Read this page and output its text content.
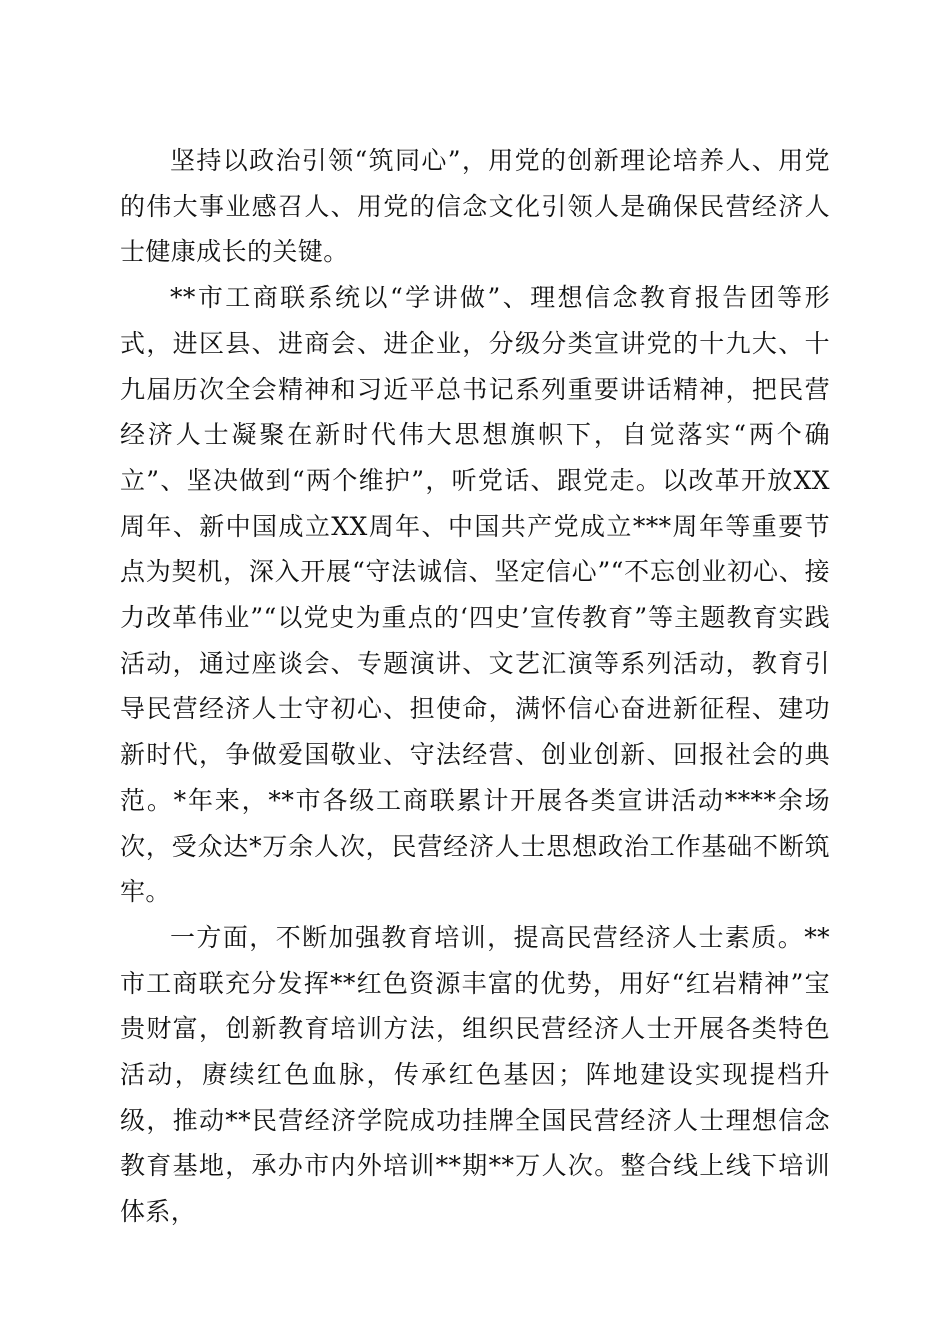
坚持以政治引领“筑同心”，用党的创新理论培养人、用党的伟大事业感召人、用党的信念文化引领人是确保民营经济人士健康成长的关键。

**市工商联系统以“学讲做”、理想信念教育报告团等形式，进区县、进商会、进企业，分级分类宣讲党的十九大、十九届历次全会精神和习近平总书记系列重要讲话精神，把民营经济人士凝聚在新时代伟大思想旗帜下，自觉落实“两个确立”、坚决做到“两个维护”，听党话、跟党走。以改革开放XX周年、新中国成立XX周年、中国共产党成立***周年等重要节点为契机，深入开展“守法诚信、坚定信心”“不忘创业初心、接力改革伟业”“以党史为重点的‘四史’宣传教育”等主题教育实践活动，通过座谈会、专题演讲、文艺汇演等系列活动，教育引导民营经济人士守初心、担使命，满怀信心奋进新征程、建功新时代，争做爱国敬业、守法经营、创业创新、回报社会的典范。*年来，**市各级工商联累计开展各类宣讲活动****余场次，受众达*万余人次，民营经济人士思想政治工作基础不断筑牢。

一方面，不断加强教育培训，提高民营经济人士素质。**市工商联充分发挥**红色资源丰富的优势，用好“红岩精神”宝贵财富，创新教育培训方法，组织民营经济人士开展各类特色活动，赓续红色血脉，传承红色基因；阵地建设实现提档升级，推动**民营经济学院成功挂牌全国民营经济人士理想信念教育基地，承办市内外培训**期**万人次。整合线上线下培训体系，
